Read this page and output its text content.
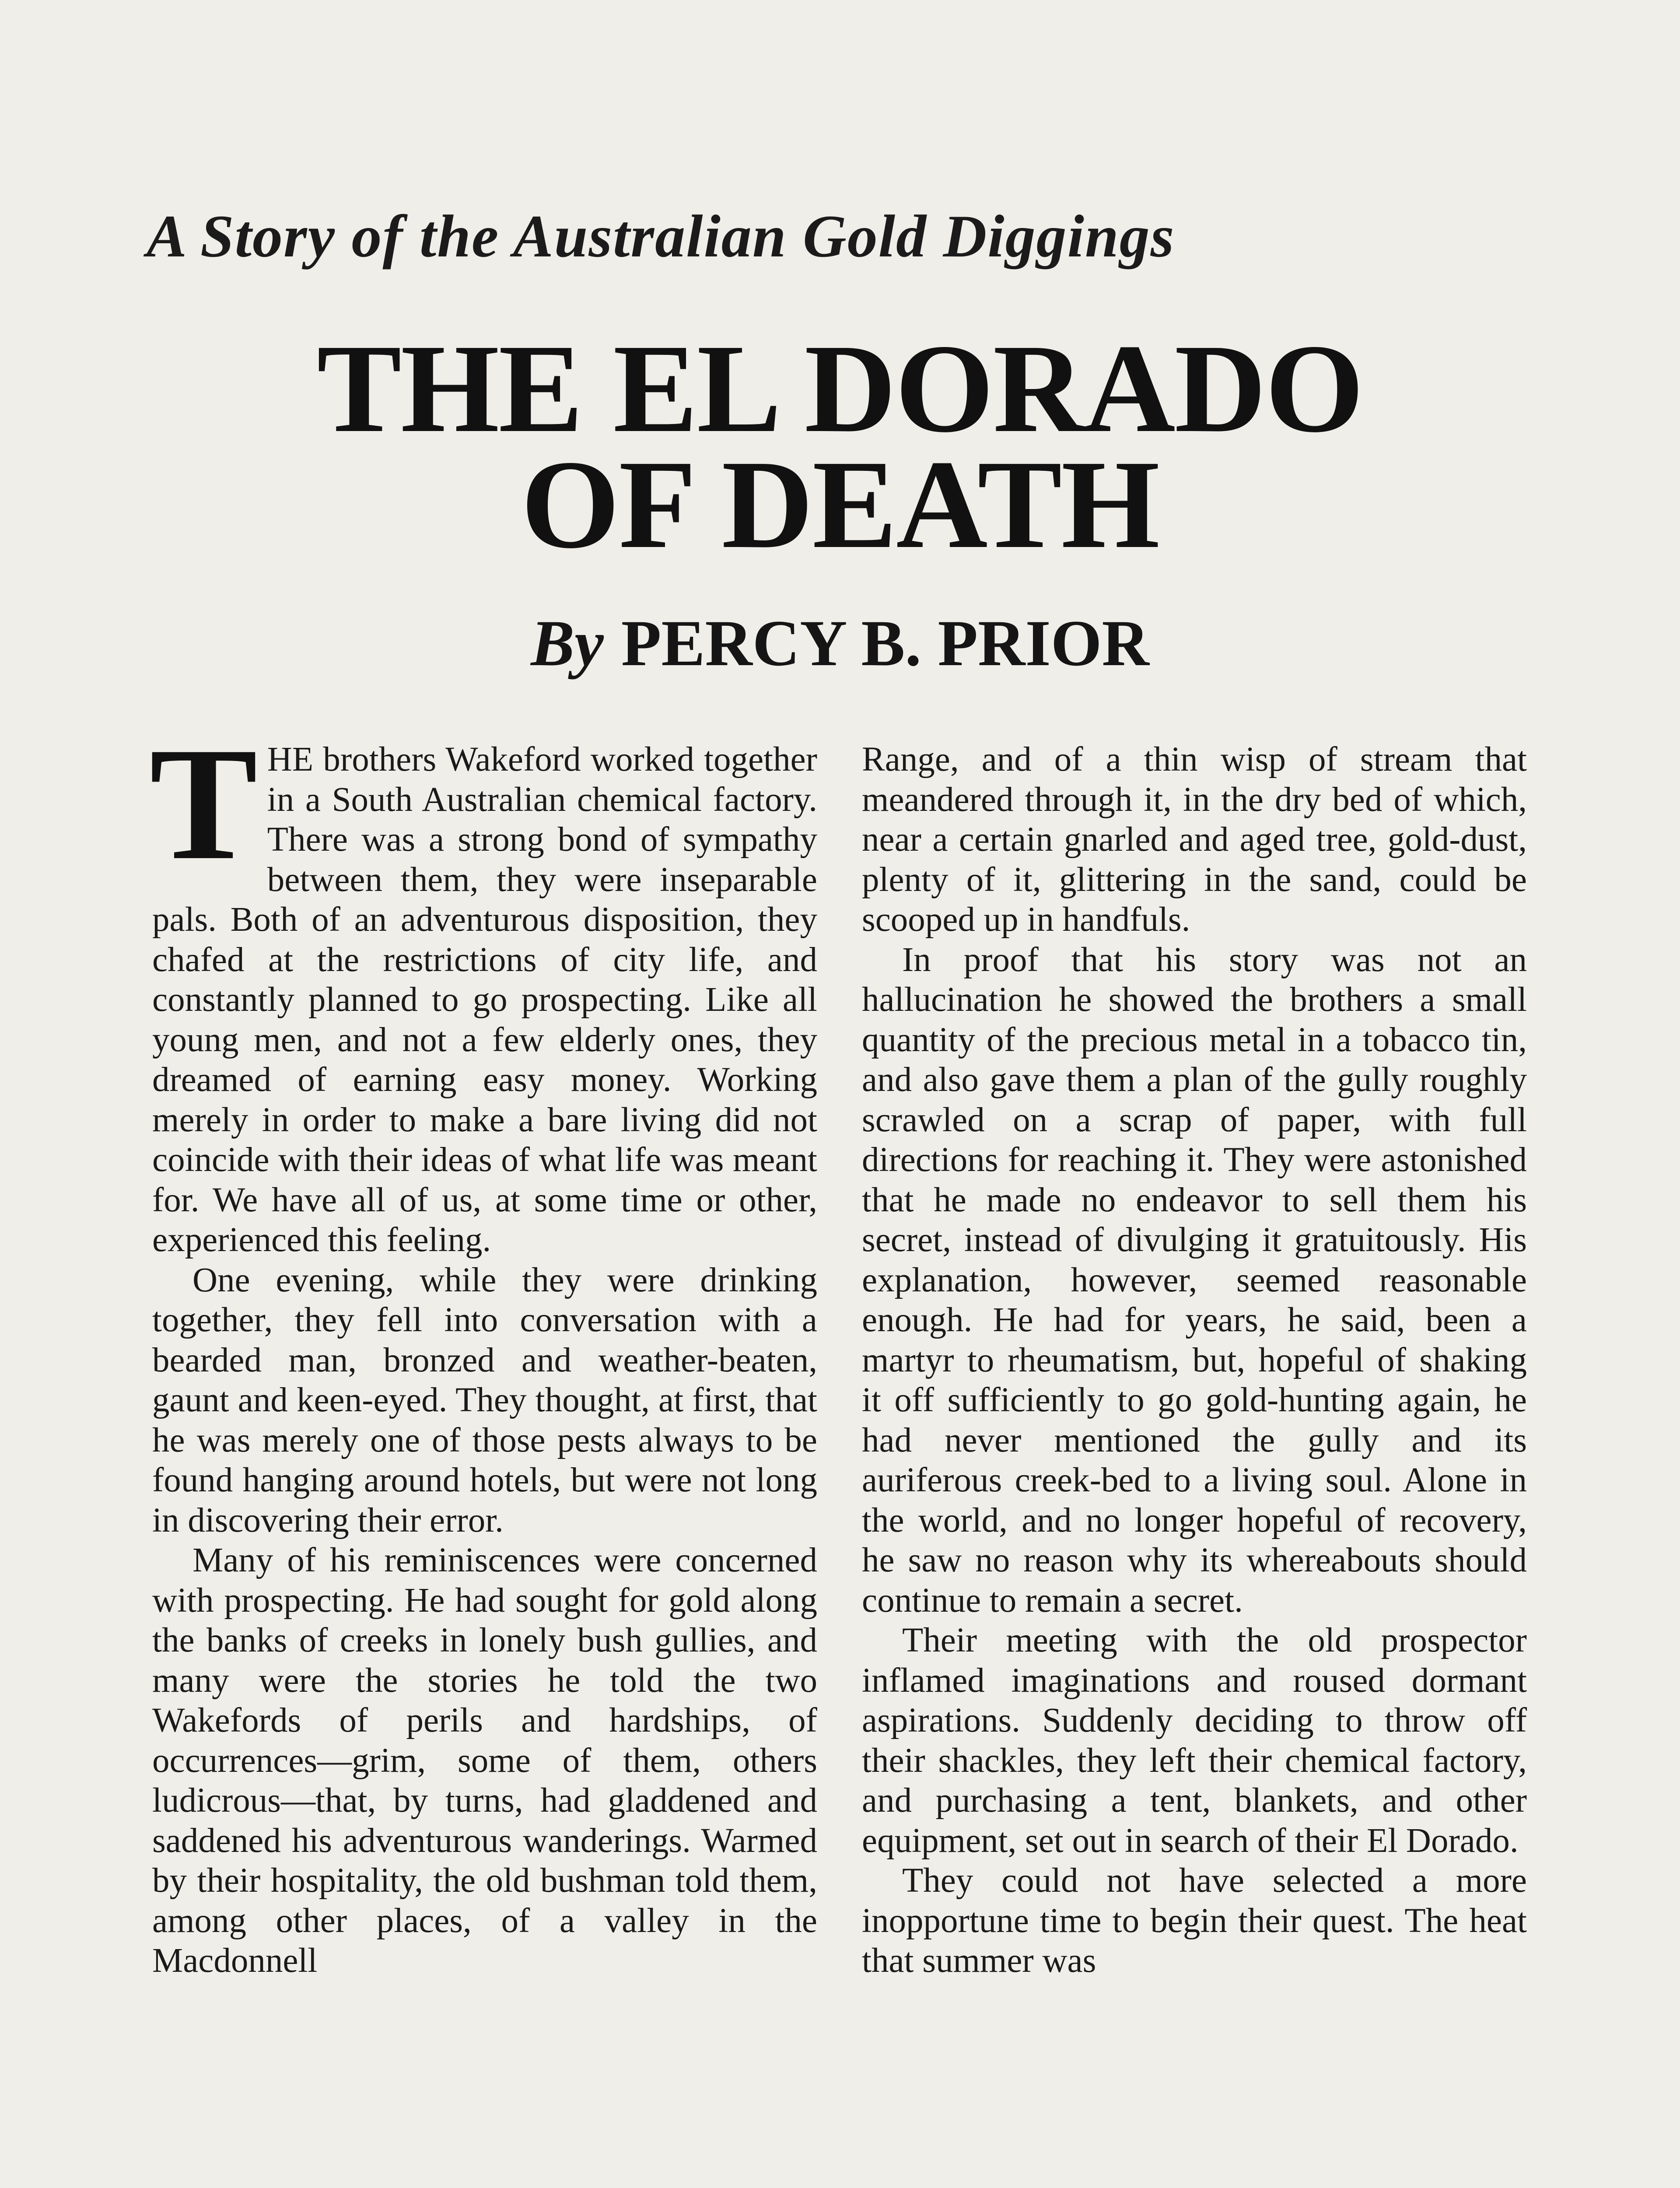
A Story of the Australian Gold Diggings
THE EL DORADO
OF DEATH
By PERCY B. PRIOR

THE brothers Wakeford worked together in a South Australian chemical factory. There was a strong bond of sympathy between them, they were inseparable pals. Both of an adventurous disposition, they chafed at the restrictions of city life, and constantly planned to go prospecting. Like all young men, and not a few elderly ones, they dreamed of earning easy money. Working merely in order to make a bare living did not coincide with their ideas of what life was meant for. We have all of us, at some time or other, experienced this feeling.

One evening, while they were drinking together, they fell into conversation with a bearded man, bronzed and weather-beaten, gaunt and keen-eyed. They thought, at first, that he was merely one of those pests always to be found hanging around hotels, but were not long in discovering their error.

Many of his reminiscences were concerned with prospecting. He had sought for gold along the banks of creeks in lonely bush gullies, and many were the stories he told the two Wakefords of perils and hardships, of occurrences—grim, some of them, others ludicrous—that, by turns, had gladdened and saddened his adventurous wanderings. Warmed by their hospitality, the old bushman told them, among other places, of a valley in the Macdonnell

Range, and of a thin wisp of stream that meandered through it, in the dry bed of which, near a certain gnarled and aged tree, gold-dust, plenty of it, glittering in the sand, could be scooped up in handfuls.

In proof that his story was not an hallucination he showed the brothers a small quantity of the precious metal in a tobacco tin, and also gave them a plan of the gully roughly scrawled on a scrap of paper, with full directions for reaching it. They were astonished that he made no endeavor to sell them his secret, instead of divulging it gratuitously. His explanation, however, seemed reasonable enough. He had for years, he said, been a martyr to rheumatism, but, hopeful of shaking it off sufficiently to go gold-hunting again, he had never mentioned the gully and its auriferous creek-bed to a living soul. Alone in the world, and no longer hopeful of recovery, he saw no reason why its whereabouts should continue to remain a secret.

Their meeting with the old prospector inflamed imaginations and roused dormant aspirations. Suddenly deciding to throw off their shackles, they left their chemical factory, and purchasing a tent, blankets, and other equipment, set out in search of their El Dorado.

They could not have selected a more inopportune time to begin their quest. The heat that summer was
